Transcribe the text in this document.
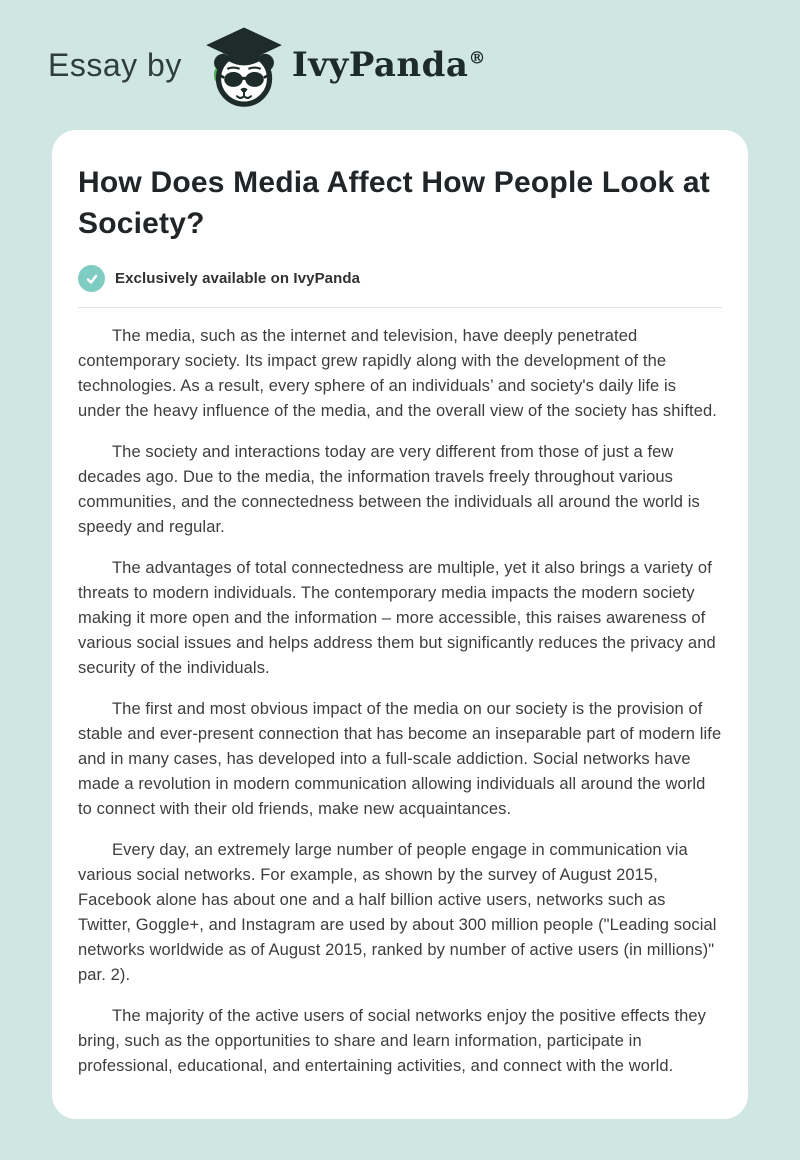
Essay by	IvyPanda®
How Does Media Affect How People Look at Society?
Exclusively available on IvyPanda

The media, such as the internet and television, have deeply penetrated contemporary society. Its impact grew rapidly along with the development of the technologies. As a result, every sphere of an individuals’ and society's daily life is under the heavy influence of the media, and the overall view of the society has shifted.

The society and interactions today are very different from those of just a few decades ago. Due to the media, the information travels freely throughout various communities, and the connectedness between the individuals all around the world is speedy and regular.

The advantages of total connectedness are multiple, yet it also brings a variety of threats to modern individuals. The contemporary media impacts the modern society making it more open and the information – more accessible, this raises awareness of various social issues and helps address them but significantly reduces the privacy and security of the individuals.

The first and most obvious impact of the media on our society is the provision of stable and ever-present connection that has become an inseparable part of modern life and in many cases, has developed into a full-scale addiction. Social networks have made a revolution in modern communication allowing individuals all around the world to connect with their old friends, make new acquaintances.

Every day, an extremely large number of people engage in communication via various social networks. For example, as shown by the survey of August 2015, Facebook alone has about one and a half billion active users, networks such as Twitter, Goggle+, and Instagram are used by about 300 million people ("Leading social networks worldwide as of August 2015, ranked by number of active users (in millions)" par. 2).

The majority of the active users of social networks enjoy the positive effects they bring, such as the opportunities to share and learn information, participate in professional, educational, and entertaining activities, and connect with the world.
